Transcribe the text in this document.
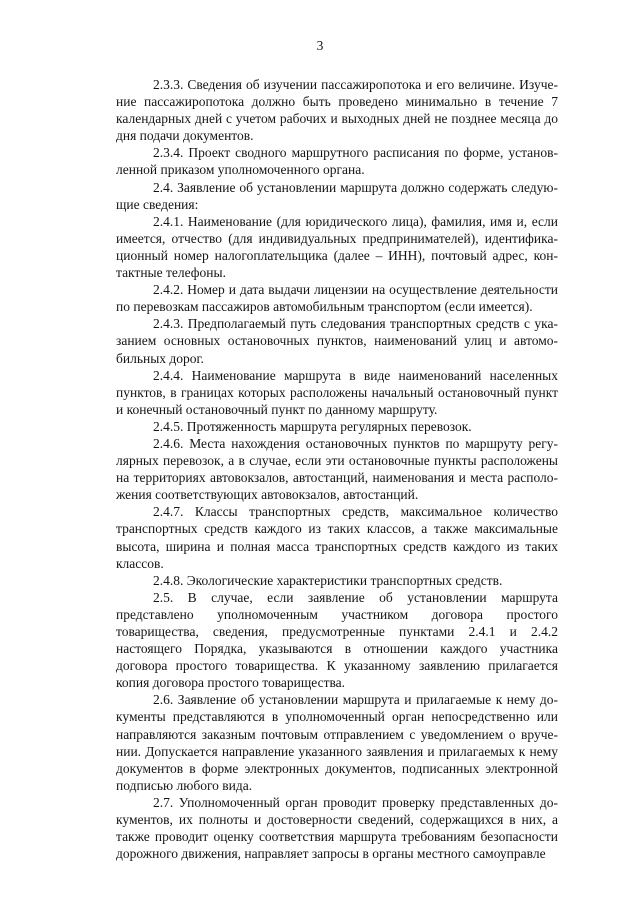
3

2.3.3. Сведения об изучении пассажиропотока и его величине. Изучение пассажиропотока должно быть проведено минимально в течение 7 календарных дней с учетом рабочих и выходных дней не позднее месяца до дня подачи документов.

2.3.4. Проект сводного маршрутного расписания по форме, установленной приказом уполномоченного органа.

2.4. Заявление об установлении маршрута должно содержать следующие сведения:

2.4.1. Наименование (для юридического лица), фамилия, имя и, если имеется, отчество (для индивидуальных предпринимателей), идентификационный номер налогоплательщика (далее – ИНН), почтовый адрес, контактные телефоны.

2.4.2. Номер и дата выдачи лицензии на осуществление деятельности по перевозкам пассажиров автомобильным транспортом (если имеется).

2.4.3. Предполагаемый путь следования транспортных средств с указанием основных остановочных пунктов, наименований улиц и автомобильных дорог.

2.4.4. Наименование маршрута в виде наименований населенных пунктов, в границах которых расположены начальный остановочный пункт и конечный остановочный пункт по данному маршруту.

2.4.5. Протяженность маршрута регулярных перевозок.

2.4.6. Места нахождения остановочных пунктов по маршруту регулярных перевозок, а в случае, если эти остановочные пункты расположены на территориях автовокзалов, автостанций, наименования и места расположения соответствующих автовокзалов, автостанций.

2.4.7. Классы транспортных средств, максимальное количество транспортных средств каждого из таких классов, а также максимальные высота, ширина и полная масса транспортных средств каждого из таких классов.

2.4.8. Экологические характеристики транспортных средств.

2.5. В случае, если заявление об установлении маршрута представлено уполномоченным участником договора простого товарищества, сведения, предусмотренные пунктами 2.4.1 и 2.4.2 настоящего Порядка, указываются в отношении каждого участника договора простого товарищества. К указанному заявлению прилагается копия договора простого товарищества.

2.6. Заявление об установлении маршрута и прилагаемые к нему документы представляются в уполномоченный орган непосредственно или направляются заказным почтовым отправлением с уведомлением о вручении. Допускается направление указанного заявления и прилагаемых к нему документов в форме электронных документов, подписанных электронной подписью любого вида.

2.7. Уполномоченный орган проводит проверку представленных документов, их полноты и достоверности сведений, содержащихся в них, а также проводит оценку соответствия маршрута требованиям безопасности дорожного движения, направляет запросы в органы местного самоуправле
